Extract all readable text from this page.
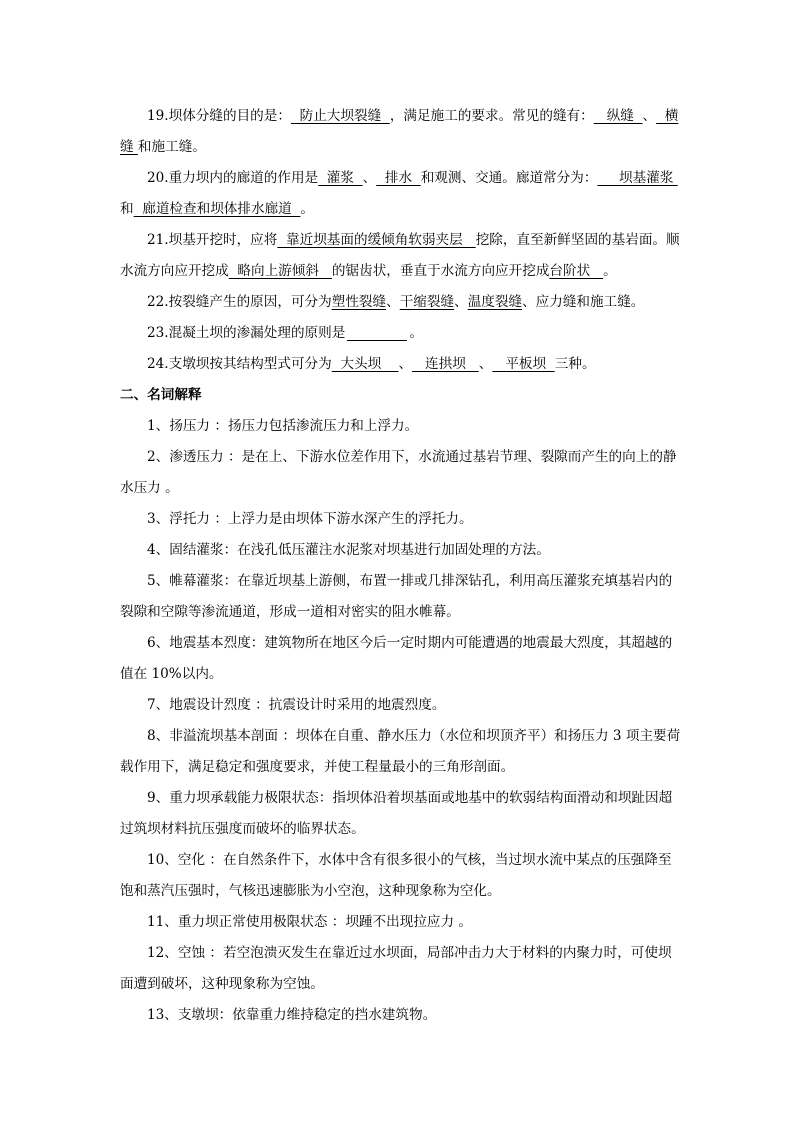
19.坝体分缝的目的是：  防止大坝裂缝  ，满足施工的要求。常见的缝有：   纵缝  、  横缝 和施工缝。

20.重力坝内的廊道的作用是  灌浆  、  排水  和观测、交通。廊道常分为：     坝基灌浆 和  廊道检查和坝体排水廊道  。

21.坝基开挖时，应将  靠近坝基面的缓倾角软弱夹层   挖除，直至新鲜坚固的基岩面。顺水流方向应开挖成  略向上游倾斜   的锯齿状，垂直于水流方向应开挖成台阶状   。

22.按裂缝产生的原因，可分为塑性裂缝、干缩裂缝、温度裂缝、应力缝和施工缝。

23.混凝土坝的渗漏处理的原则是	。

24.支墩坝按其结构型式可分为  大头坝    、   连拱坝   、   平板坝  三种。

二、名词解释

1、扬压力 ：扬压力包括渗流压力和上浮力。

2、渗透压力 ：是在上、下游水位差作用下，水流通过基岩节理、裂隙而产生的向上的静水压力 。

3、浮托力 ：上浮力是由坝体下游水深产生的浮托力。

4、固结灌浆：在浅孔低压灌注水泥浆对坝基进行加固处理的方法。

5、帷幕灌浆：在靠近坝基上游侧，布置一排或几排深钻孔，利用高压灌浆充填基岩内的裂隙和空隙等渗流通道，形成一道相对密实的阻水帷幕。

6、地震基本烈度：建筑物所在地区今后一定时期内可能遭遇的地震最大烈度，其超越的值在 10%以内。

7、地震设计烈度 ：抗震设计时采用的地震烈度。

8、非溢流坝基本剖面 ：坝体在自重、静水压力（水位和坝顶齐平）和扬压力 3 项主要荷载作用下，满足稳定和强度要求，并使工程量最小的三角形剖面。

9、重力坝承载能力极限状态：指坝体沿着坝基面或地基中的软弱结构面滑动和坝趾因超过筑坝材料抗压强度而破坏的临界状态。

10、空化 ：在自然条件下，水体中含有很多很小的气核，当过坝水流中某点的压强降至饱和蒸汽压强时，气核迅速膨胀为小空泡，这种现象称为空化。

11、重力坝正常使用极限状态 ：坝踵不出现拉应力 。

12、空蚀 ：若空泡溃灭发生在靠近过水坝面，局部冲击力大于材料的内聚力时，可使坝面遭到破坏，这种现象称为空蚀。

13、支墩坝：依靠重力维持稳定的挡水建筑物。
